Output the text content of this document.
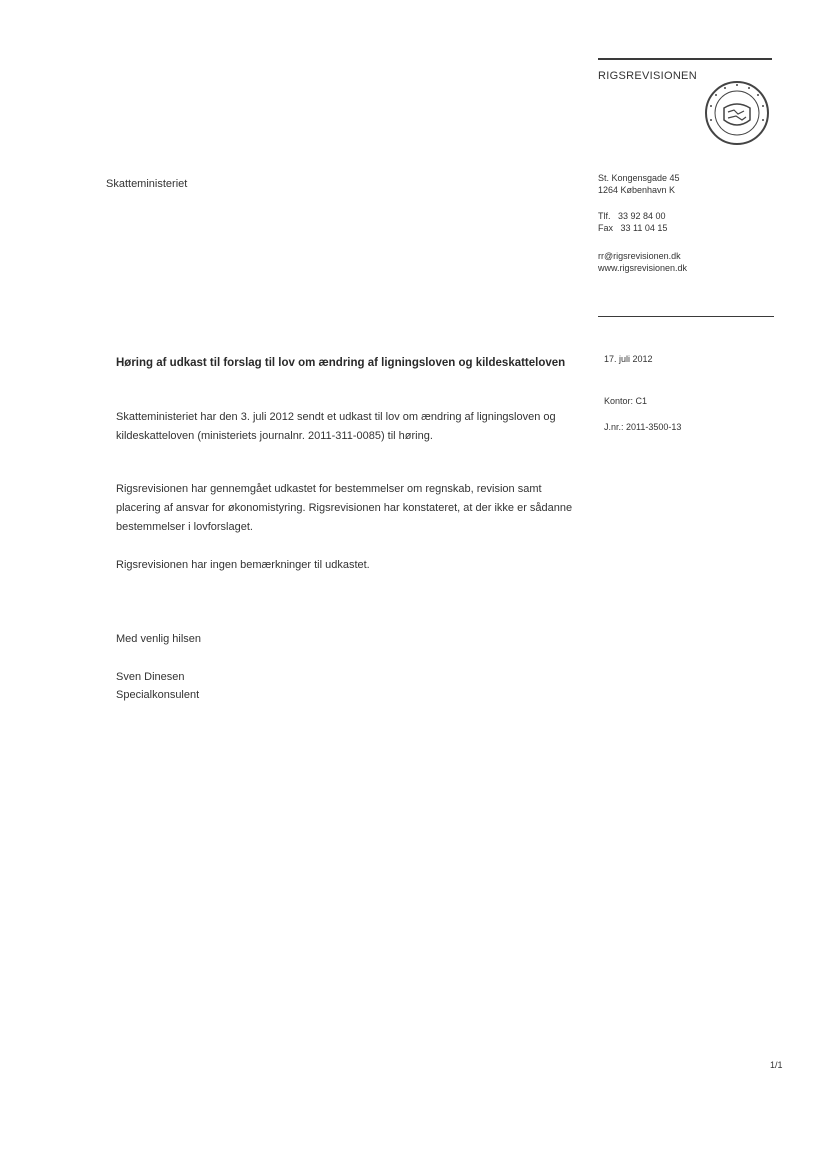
RIGSREVISIONEN
St. Kongensgade 45
1264 København K
Tlf.   33 92 84 00
Fax   33 11 04 15
rr@rigsrevisionen.dk
www.rigsrevisionen.dk
Skatteministeriet
17. juli 2012
Kontor: C1
J.nr.: 2011-3500-13
Høring af udkast til forslag til lov om ændring af ligningsloven og kildeskatteloven
Skatteministeriet har den 3. juli 2012 sendt et udkast til lov om ændring af ligningsloven og kildeskatteloven (ministeriets journalnr. 2011-311-0085) til høring.
Rigsrevisionen har gennemgået udkastet for bestemmelser om regnskab, revision samt placering af ansvar for økonomistyring. Rigsrevisionen har konstateret, at der ikke er sådanne bestemmelser i lovforslaget.
Rigsrevisionen har ingen bemærkninger til udkastet.
Med venlig hilsen
Sven Dinesen
Specialkonsulent
1/1
